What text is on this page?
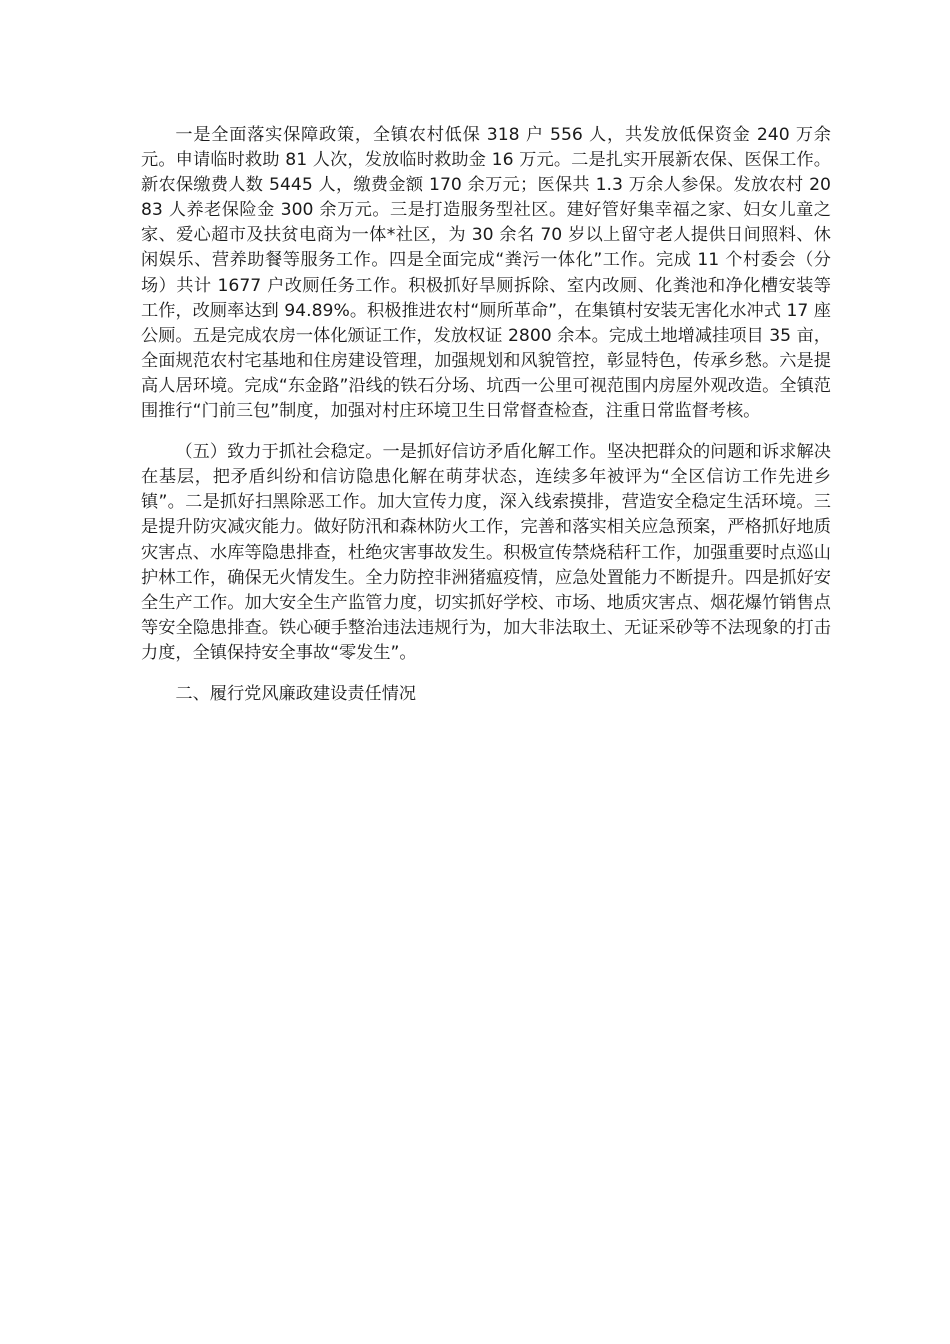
一是全面落实保障政策，全镇农村低保 318 户 556 人，共发放低保资金 240 万余元。申请临时救助 81 人次，发放临时救助金 16 万元。二是扎实开展新农保、医保工作。新农保缴费人数 5445 人，缴费金额 170 余万元；医保共 1.3 万余人参保。发放农村 2083 人养老保险金 300 余万元。三是打造服务型社区。建好管好集幸福之家、妇女儿童之家、爱心超市及扶贫电商为一体*社区，为 30 余名 70 岁以上留守老人提供日间照料、休闲娱乐、营养助餐等服务工作。四是全面完成“粪污一体化”工作。完成 11 个村委会（分场）共计 1677 户改厕任务工作。积极抓好旱厕拆除、室内改厕、化粪池和净化槽安装等工作，改厕率达到 94.89%。积极推进农村“厕所革命”，在集镇村安装无害化水冲式 17 座公厕。五是完成农房一体化颁证工作，发放权证 2800 余本。完成土地增减挂项目 35 亩，全面规范农村宅基地和住房建设管理，加强规划和风貌管控，彰显特色，传承乡愁。六是提高人居环境。完成“东金路”沿线的铁石分场、坑西一公里可视范围内房屋外观改造。全镇范围推行“门前三包”制度，加强对村庄环境卫生日常督查检查，注重日常监督考核。

（五）致力于抓社会稳定。一是抓好信访矛盾化解工作。坚决把群众的问题和诉求解决在基层，把矛盾纠纷和信访隐患化解在萌芽状态，连续多年被评为“全区信访工作先进乡镇”。二是抓好扫黑除恶工作。加大宣传力度，深入线索摸排，营造安全稳定生活环境。三是提升防灾减灾能力。做好防汛和森林防火工作，完善和落实相关应急预案，严格抓好地质灾害点、水库等隐患排查，杜绝灾害事故发生。积极宣传禁烧秸秆工作，加强重要时点巡山护林工作，确保无火情发生。全力防控非洲猪瘟疫情，应急处置能力不断提升。四是抓好安全生产工作。加大安全生产监管力度，切实抓好学校、市场、地质灾害点、烟花爆竹销售点等安全隐患排查。铁心硬手整治违法违规行为，加大非法取土、无证采砂等不法现象的打击力度，全镇保持安全事故“零发生”。

二、履行党风廉政建设责任情况
